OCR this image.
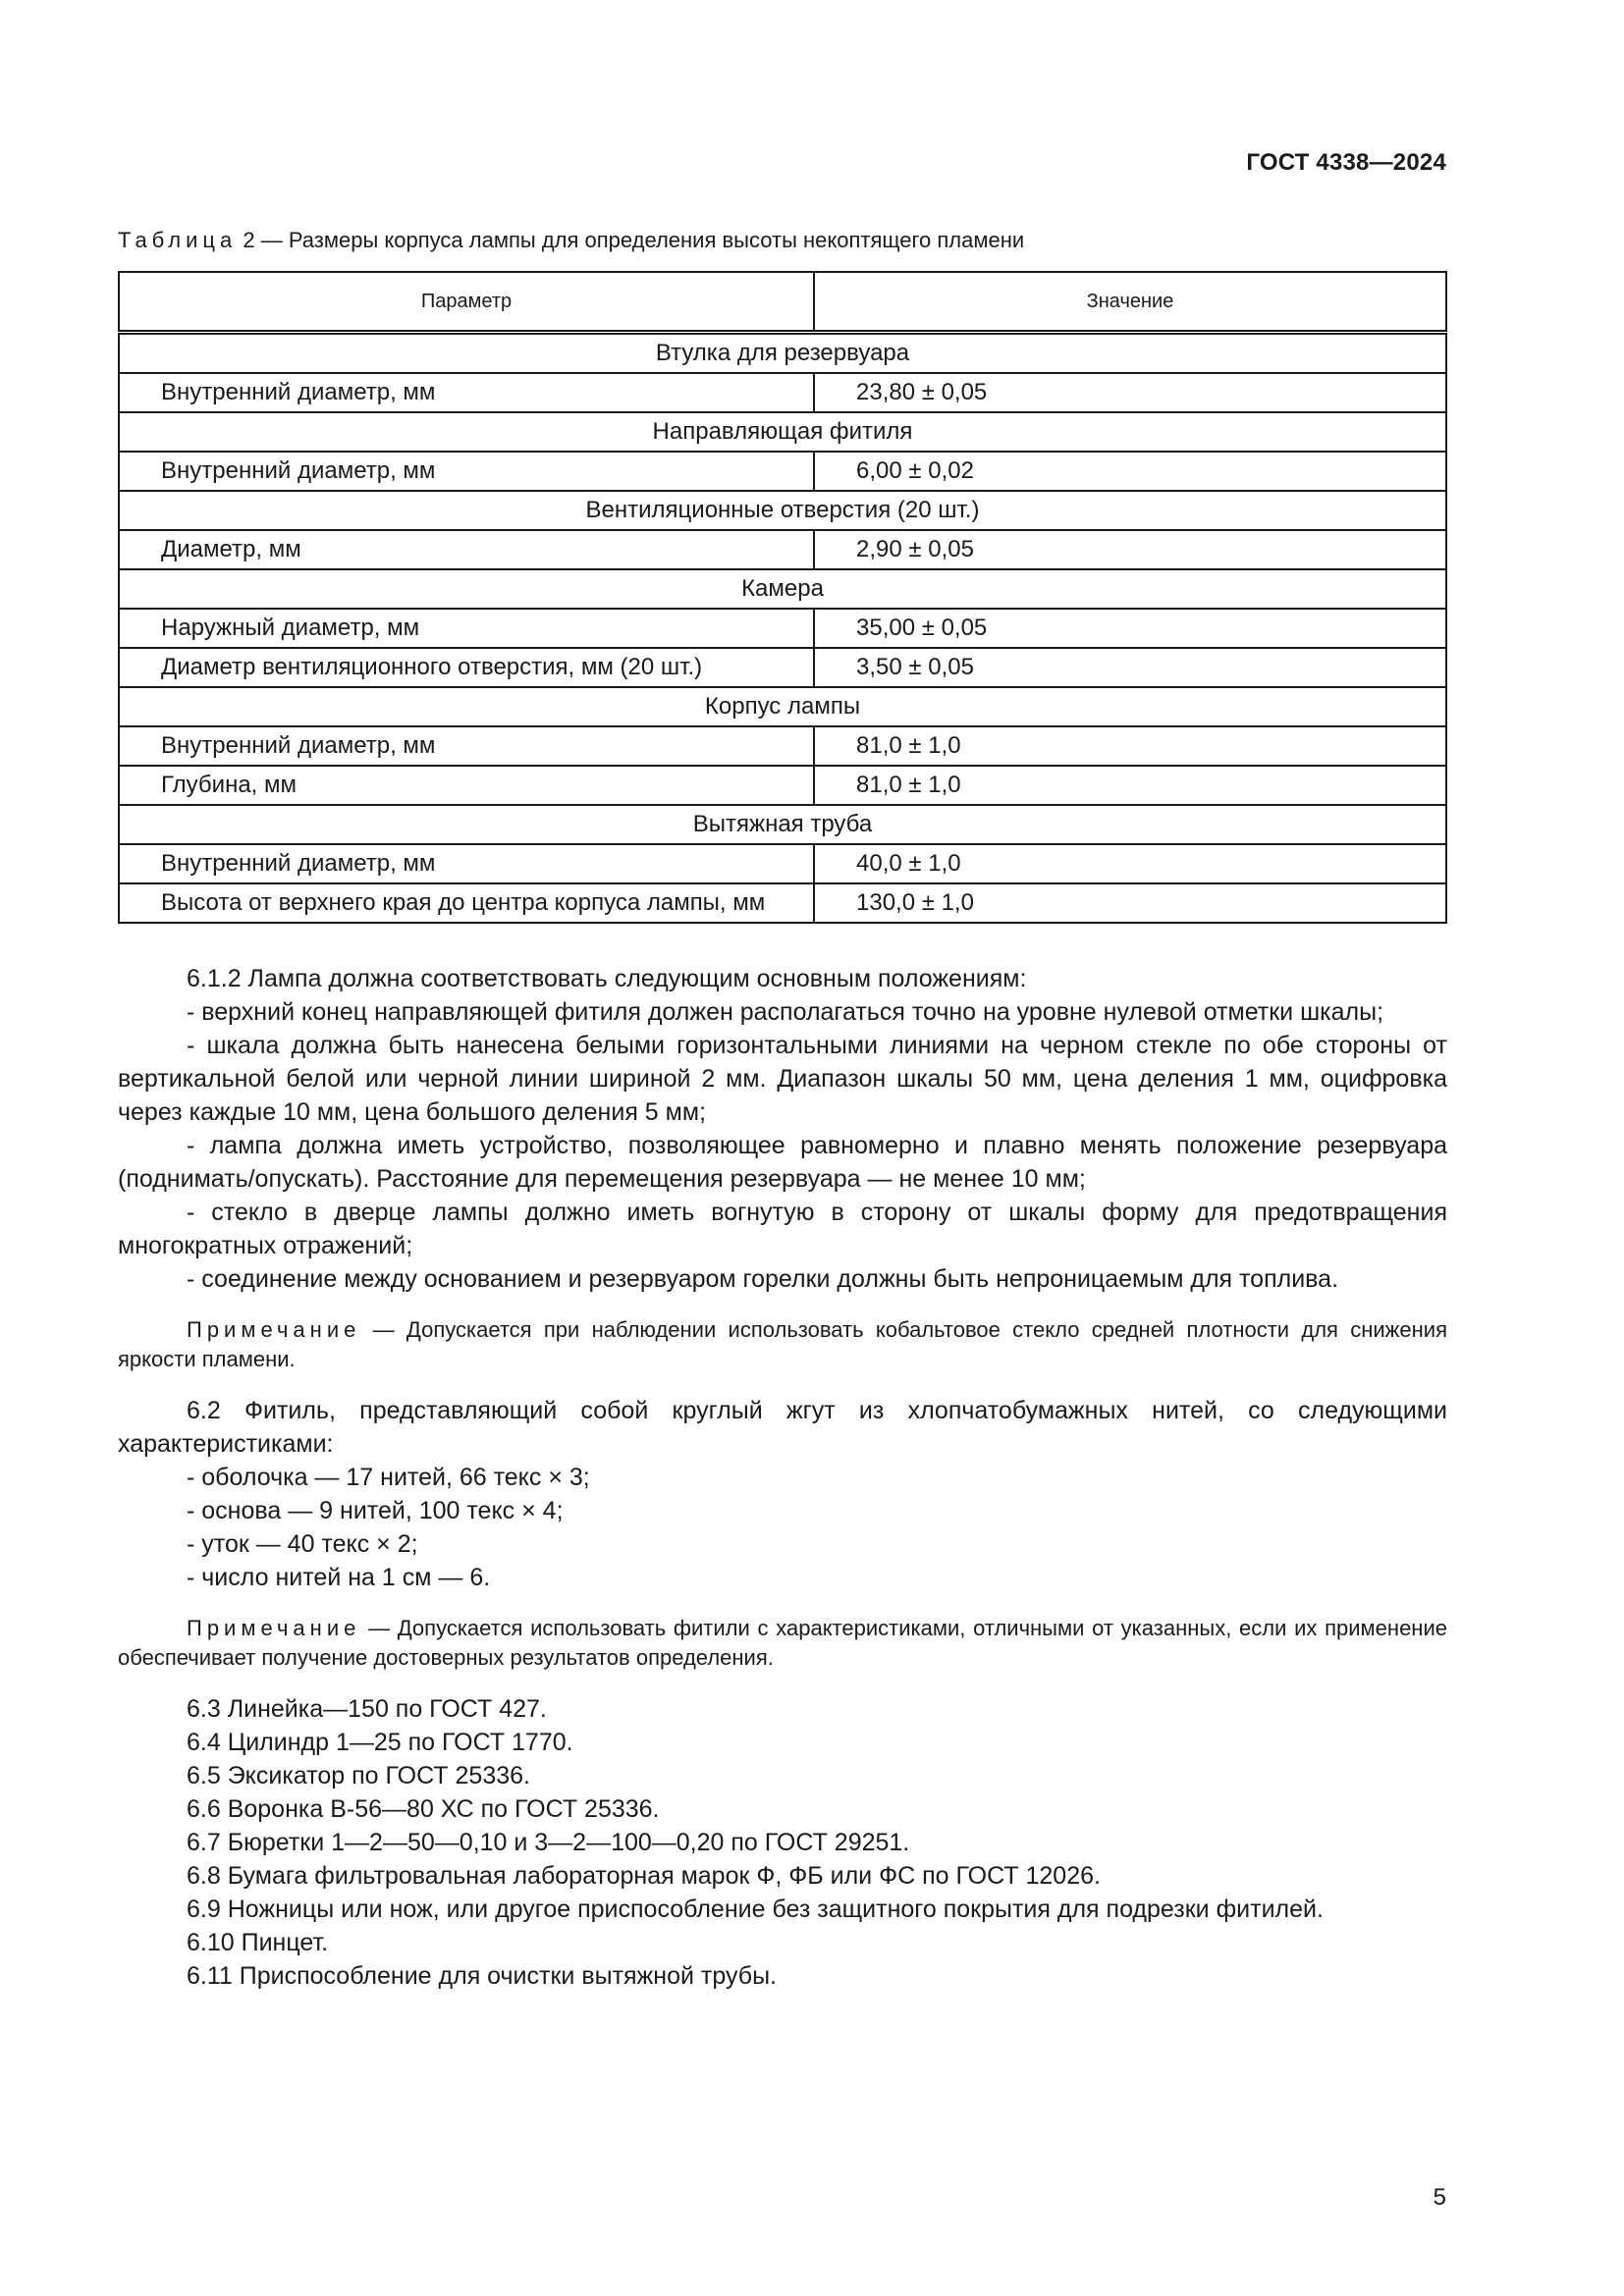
ГОСТ 4338—2024
Таблица 2 — Размеры корпуса лампы для определения высоты некоптящего пламени
Параметр	Значение
Втулка для резервуара	
Внутренний диаметр, мм	23,80 ± 0,05
Направляющая фитиля	
Внутренний диаметр, мм	6,00 ± 0,02
Вентиляционные отверстия (20 шт.)	
Диаметр, мм	2,90 ± 0,05
Камера	
Наружный диаметр, мм	35,00 ± 0,05
Диаметр вентиляционного отверстия, мм (20 шт.)	3,50 ± 0,05
Корпус лампы	
Внутренний диаметр, мм	81,0 ± 1,0
Глубина, мм	81,0 ± 1,0
Вытяжная труба	
Внутренний диаметр, мм	40,0 ± 1,0
Высота от верхнего края до центра корпуса лампы, мм	130,0 ± 1,0

6.1.2 Лампа должна соответствовать следующим основным положениям:

- верхний конец направляющей фитиля должен располагаться точно на уровне нулевой отметки шкалы;

- шкала должна быть нанесена белыми горизонтальными линиями на черном стекле по обе стороны от вертикальной белой или черной линии шириной 2 мм. Диапазон шкалы 50 мм, цена деления 1 мм, оцифровка через каждые 10 мм, цена большого деления 5 мм;

- лампа должна иметь устройство, позволяющее равномерно и плавно менять положение резервуара (поднимать/опускать). Расстояние для перемещения резервуара — не менее 10 мм;

- стекло в дверце лампы должно иметь вогнутую в сторону от шкалы форму для предотвращения многократных отражений;

- соединение между основанием и резервуаром горелки должны быть непроницаемым для топлива.

Примечание — Допускается при наблюдении использовать кобальтовое стекло средней плотности для снижения яркости пламени.

6.2 Фитиль, представляющий собой круглый жгут из хлопчатобумажных нитей, со следующими характеристиками:

- оболочка — 17 нитей, 66 текс × 3;

- основа — 9 нитей, 100 текс × 4;

- уток — 40 текс × 2;

- число нитей на 1 см — 6.

Примечание — Допускается использовать фитили с характеристиками, отличными от указанных, если их применение обеспечивает получение достоверных результатов определения.

6.3 Линейка—150 по ГОСТ 427.

6.4 Цилиндр 1—25 по ГОСТ 1770.

6.5 Эксикатор по ГОСТ 25336.

6.6 Воронка В-56—80 ХС по ГОСТ 25336.

6.7 Бюретки 1—2—50—0,10 и 3—2—100—0,20 по ГОСТ 29251.

6.8 Бумага фильтровальная лабораторная марок Ф, ФБ или ФС по ГОСТ 12026.

6.9 Ножницы или нож, или другое приспособление без защитного покрытия для подрезки фитилей.

6.10 Пинцет.

6.11 Приспособление для очистки вытяжной трубы.

5
